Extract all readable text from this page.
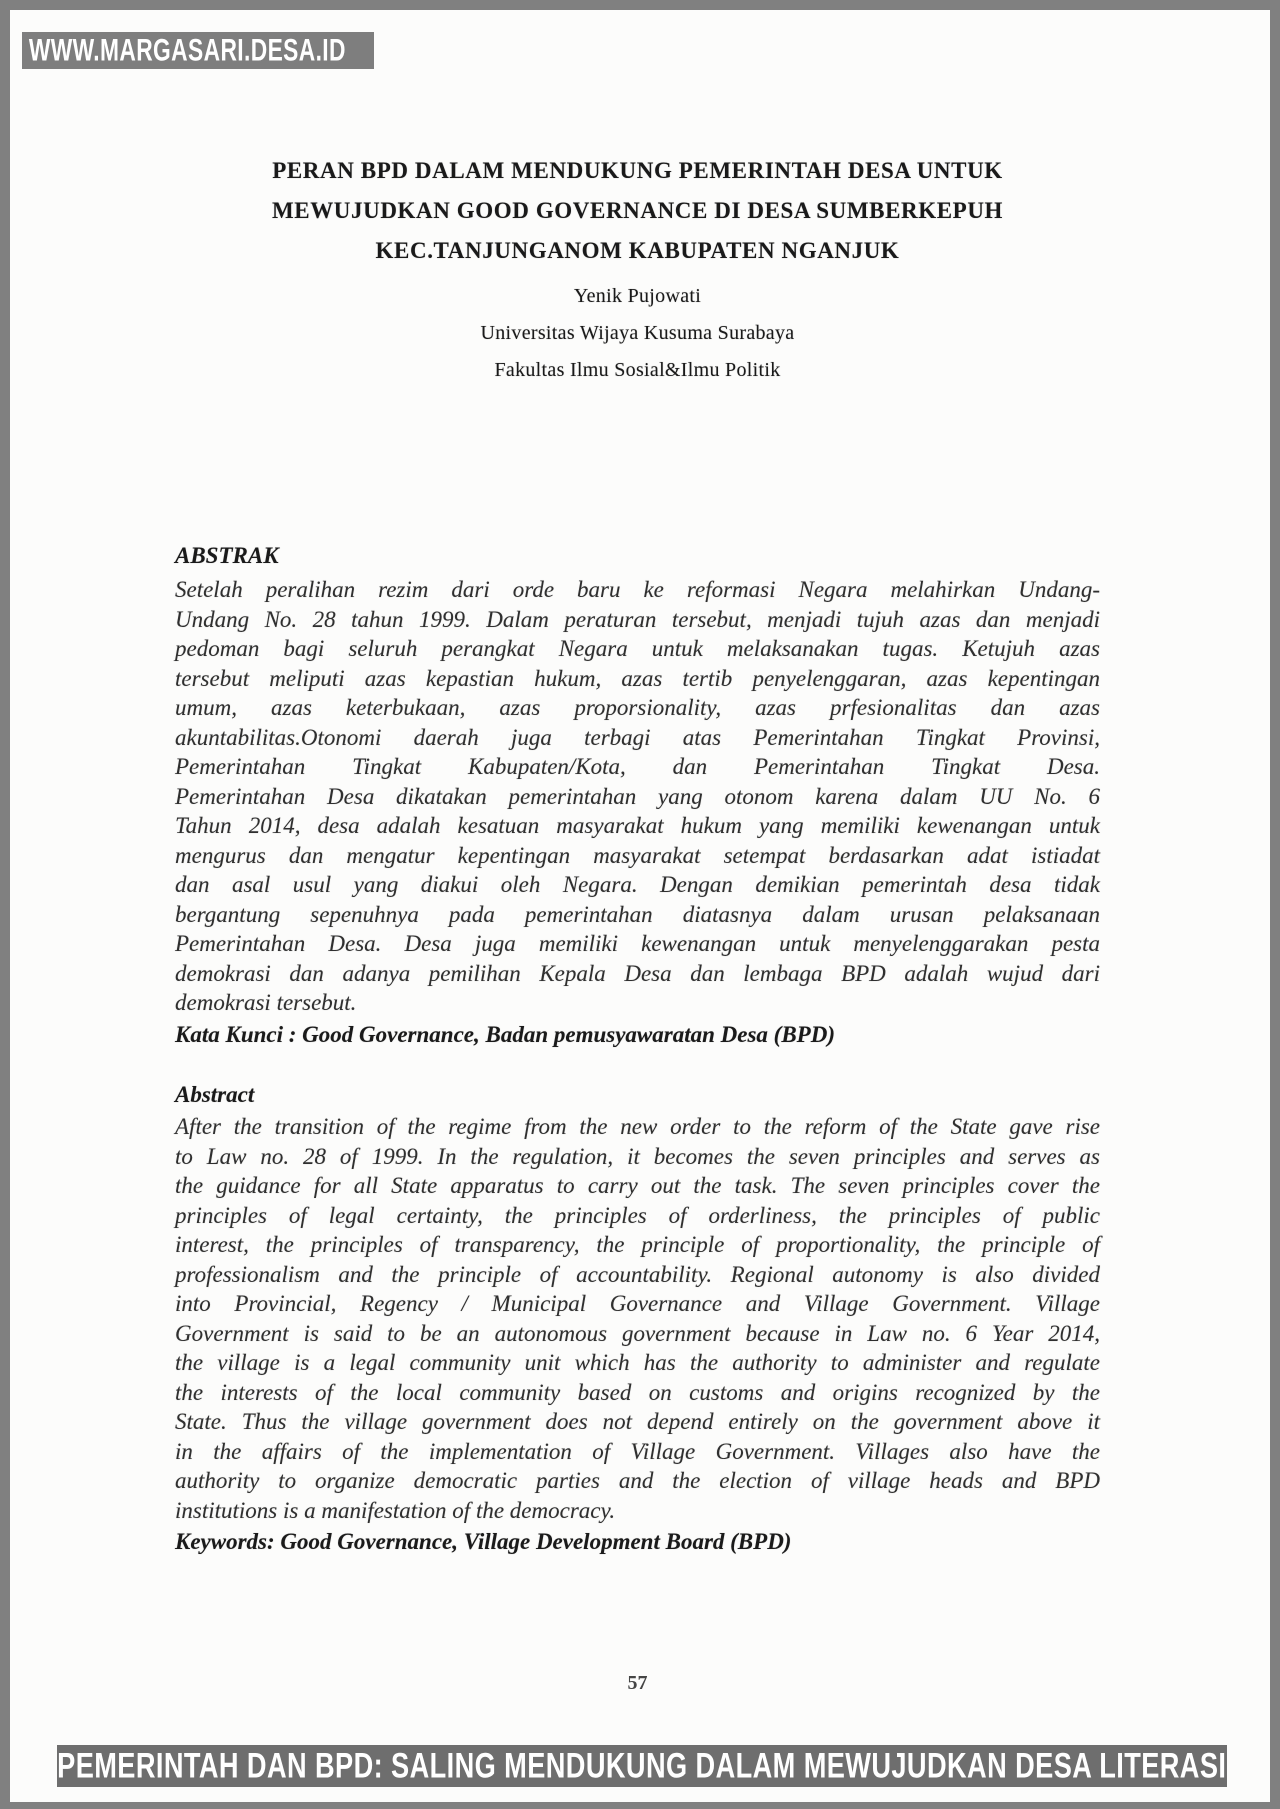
WWW.MARGASARI.DESA.ID
PERAN BPD DALAM MENDUKUNG PEMERINTAH DESA UNTUK
MEWUJUDKAN GOOD GOVERNANCE DI DESA SUMBERKEPUH
KEC.TANJUNGANOM KABUPATEN NGANJUK
Yenik Pujowati
Universitas Wijaya Kusuma Surabaya
Fakultas Ilmu Sosial&Ilmu Politik
ABSTRAK
Setelah peralihan rezim dari orde baru ke reformasi Negara melahirkan Undang-
Undang No. 28 tahun 1999. Dalam peraturan tersebut, menjadi tujuh azas dan menjadi
pedoman bagi seluruh perangkat Negara untuk melaksanakan tugas. Ketujuh azas
tersebut meliputi azas kepastian hukum, azas tertib penyelenggaran, azas kepentingan
umum, azas keterbukaan, azas proporsionality, azas prfesionalitas dan azas
akuntabilitas.Otonomi daerah juga terbagi atas Pemerintahan Tingkat Provinsi,
Pemerintahan Tingkat Kabupaten/Kota, dan Pemerintahan Tingkat Desa.
Pemerintahan Desa dikatakan pemerintahan yang otonom karena dalam UU No. 6
Tahun 2014, desa adalah kesatuan masyarakat hukum yang memiliki kewenangan untuk
mengurus dan mengatur kepentingan masyarakat setempat berdasarkan adat istiadat
dan asal usul yang diakui oleh Negara. Dengan demikian pemerintah desa tidak
bergantung sepenuhnya pada pemerintahan diatasnya dalam urusan pelaksanaan
Pemerintahan Desa. Desa juga memiliki kewenangan untuk menyelenggarakan pesta
demokrasi dan adanya pemilihan Kepala Desa dan lembaga BPD adalah wujud dari
demokrasi tersebut.
Kata Kunci : Good Governance, Badan pemusyawaratan Desa (BPD)
Abstract
After the transition of the regime from the new order to the reform of the State gave rise
to Law no. 28 of 1999. In the regulation, it becomes the seven principles and serves as
the guidance for all State apparatus to carry out the task. The seven principles cover the
principles of legal certainty, the principles of orderliness, the principles of public
interest, the principles of transparency, the principle of proportionality, the principle of
professionalism and the principle of accountability. Regional autonomy is also divided
into Provincial, Regency / Municipal Governance and Village Government. Village
Government is said to be an autonomous government because in Law no. 6 Year 2014,
the village is a legal community unit which has the authority to administer and regulate
the interests of the local community based on customs and origins recognized by the
State. Thus the village government does not depend entirely on the government above it
in the affairs of the implementation of Village Government. Villages also have the
authority to organize democratic parties and the election of village heads and BPD
institutions is a manifestation of the democracy.
Keywords: Good Governance, Village Development Board (BPD)
57
PEMERINTAH DAN BPD: SALING MENDUKUNG DALAM MEWUJUDKAN DESA LITERASI
